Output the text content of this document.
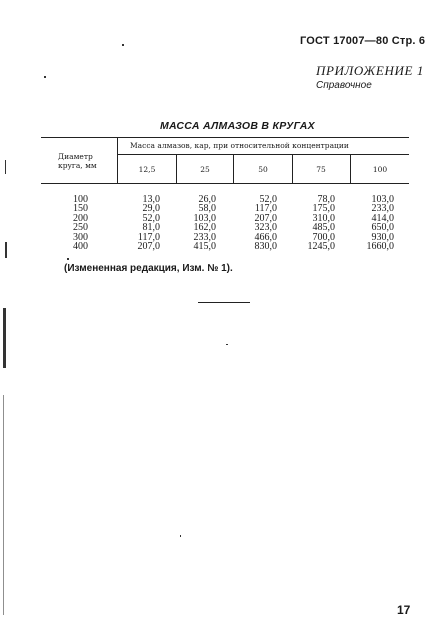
ГОСТ 17007—80 Стр. 6
ПРИЛОЖЕНИЕ 1
Справочное
МАССА АЛМАЗОВ В КРУГАХ
Диаметр круга, мм
Масса алмазов, кар, при относительной концентрации
12,5	25	50	75	100
100	13,0	26,0	52,0	78,0	103,0
150	29,0	58,0	117,0	175,0	233,0
200	52,0	103,0	207,0	310,0	414,0
250	81,0	162,0	323,0	485,0	650,0
300	117,0	233,0	466,0	700,0	930,0
400	207,0	415,0	830,0	1245,0	1660,0
(Измененная редакция, Изм. № 1).
17
